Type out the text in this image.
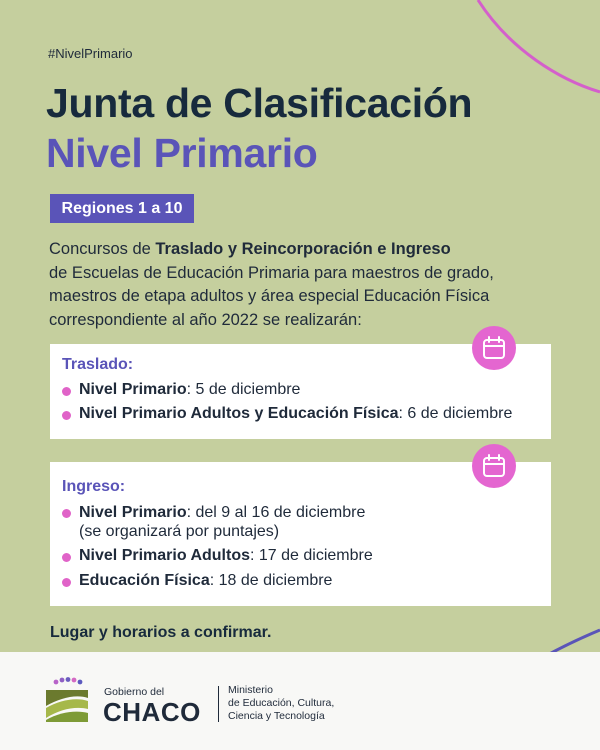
#NivelPrimario
Junta de Clasificación
Nivel Primario
Regiones 1 a 10
Concursos de Traslado y Reincorporación e Ingreso
de Escuelas de Educación Primaria para maestros de grado,
maestros de etapa adultos y área especial Educación Física
correspondiente al año 2022 se realizarán:
Traslado:
Nivel Primario: 5 de diciembre
Nivel Primario Adultos y Educación Física: 6 de diciembre
Ingreso:
Nivel Primario: del 9 al 16 de diciembre
(se organizará por puntajes)
Nivel Primario Adultos: 17 de diciembre
Educación Física: 18 de diciembre
Lugar y horarios a confirmar.
Gobierno del
CHACO
Ministerio
de Educación, Cultura,
Ciencia y Tecnología
